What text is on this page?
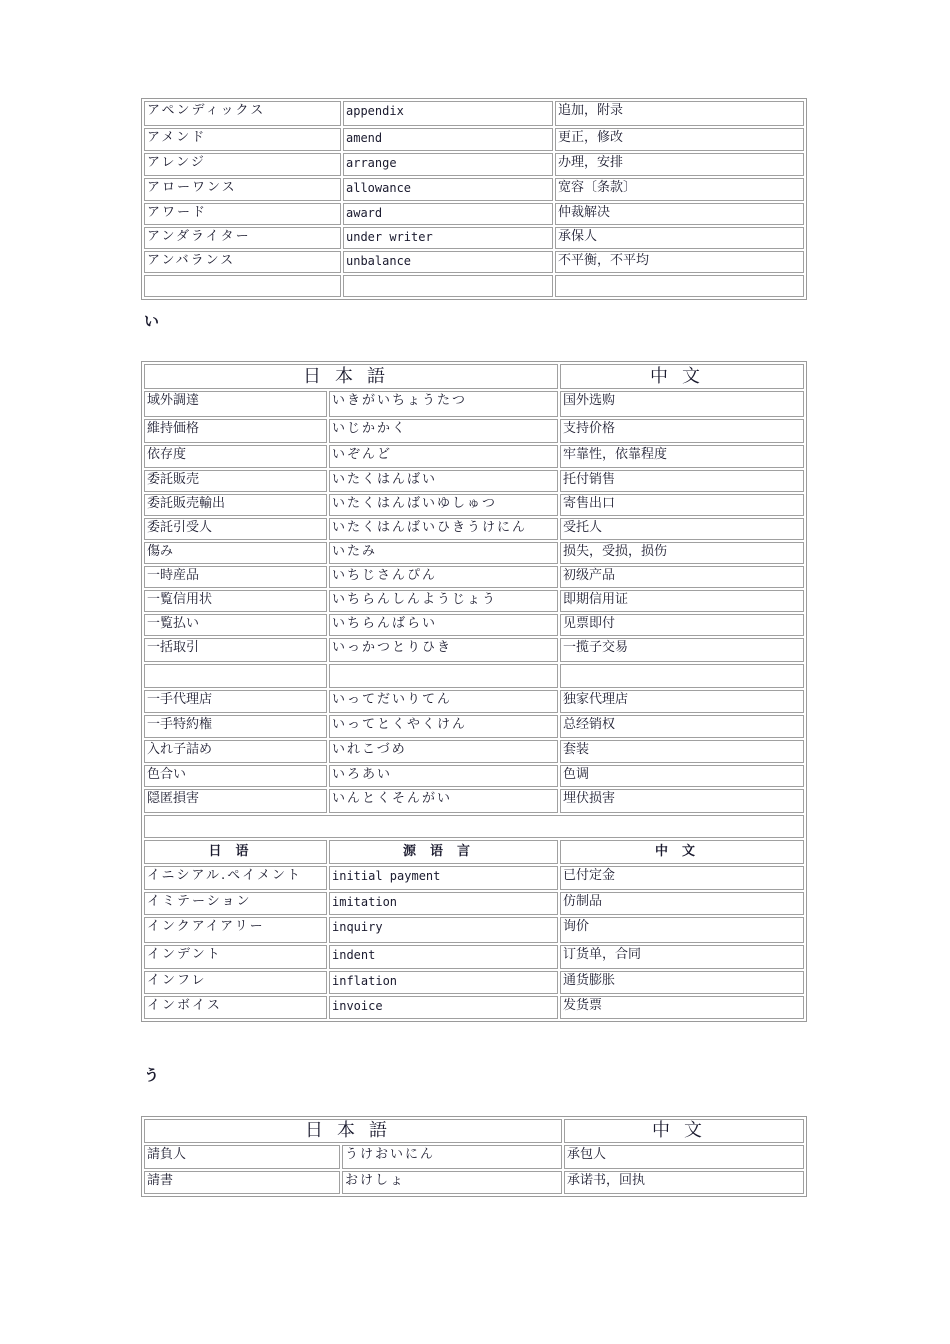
アペンディックス	appendix	追加，附录
アメンド	amend	更正，修改
アレンジ	arrange	办理，安排
アローワンス	allowance	宽容〔条款〕
アワード	award	仲裁解决
アンダライター	under writer	承保人
アンバランス	unbalance	不平衡，不平均

い
日本語		中文
域外調達	いきがいちょうたつ	国外选购
維持価格	いじかかく	支持价格
依存度	いぞんど	牢靠性，依靠程度
委託販売	いたくはんばい	托付销售
委託販売輸出	いたくはんばいゆしゅつ	寄售出口
委託引受人	いたくはんばいひきうけにん	受托人
傷み	いたみ	损失，受损，损伤
一時産品	いちじさんぴん	初级产品
一覧信用状	いちらんしんようじょう	即期信用证
一覧払い	いちらんばらい	见票即付
一括取引	いっかつとりひき	一揽子交易

一手代理店	いってだいりてん	独家代理店
一手特約権	いってとくやくけん	总经销权
入れ子詰め	いれこづめ	套装
色合い	いろあい	色调
隠匿損害	いんとくそんがい	埋伏损害

日语	源语言	中文
イニシアル.ペイメント	initial payment	已付定金
イミテーション	imitation	仿制品
インクアイアリー	inquiry	询价
インデント	indent	订货单，合同
インフレ	inflation	通货膨胀
インボイス	invoice	发货票
う
日本語		中文
請負人	うけおいにん	承包人
請書	おけしょ	承诺书，回执
